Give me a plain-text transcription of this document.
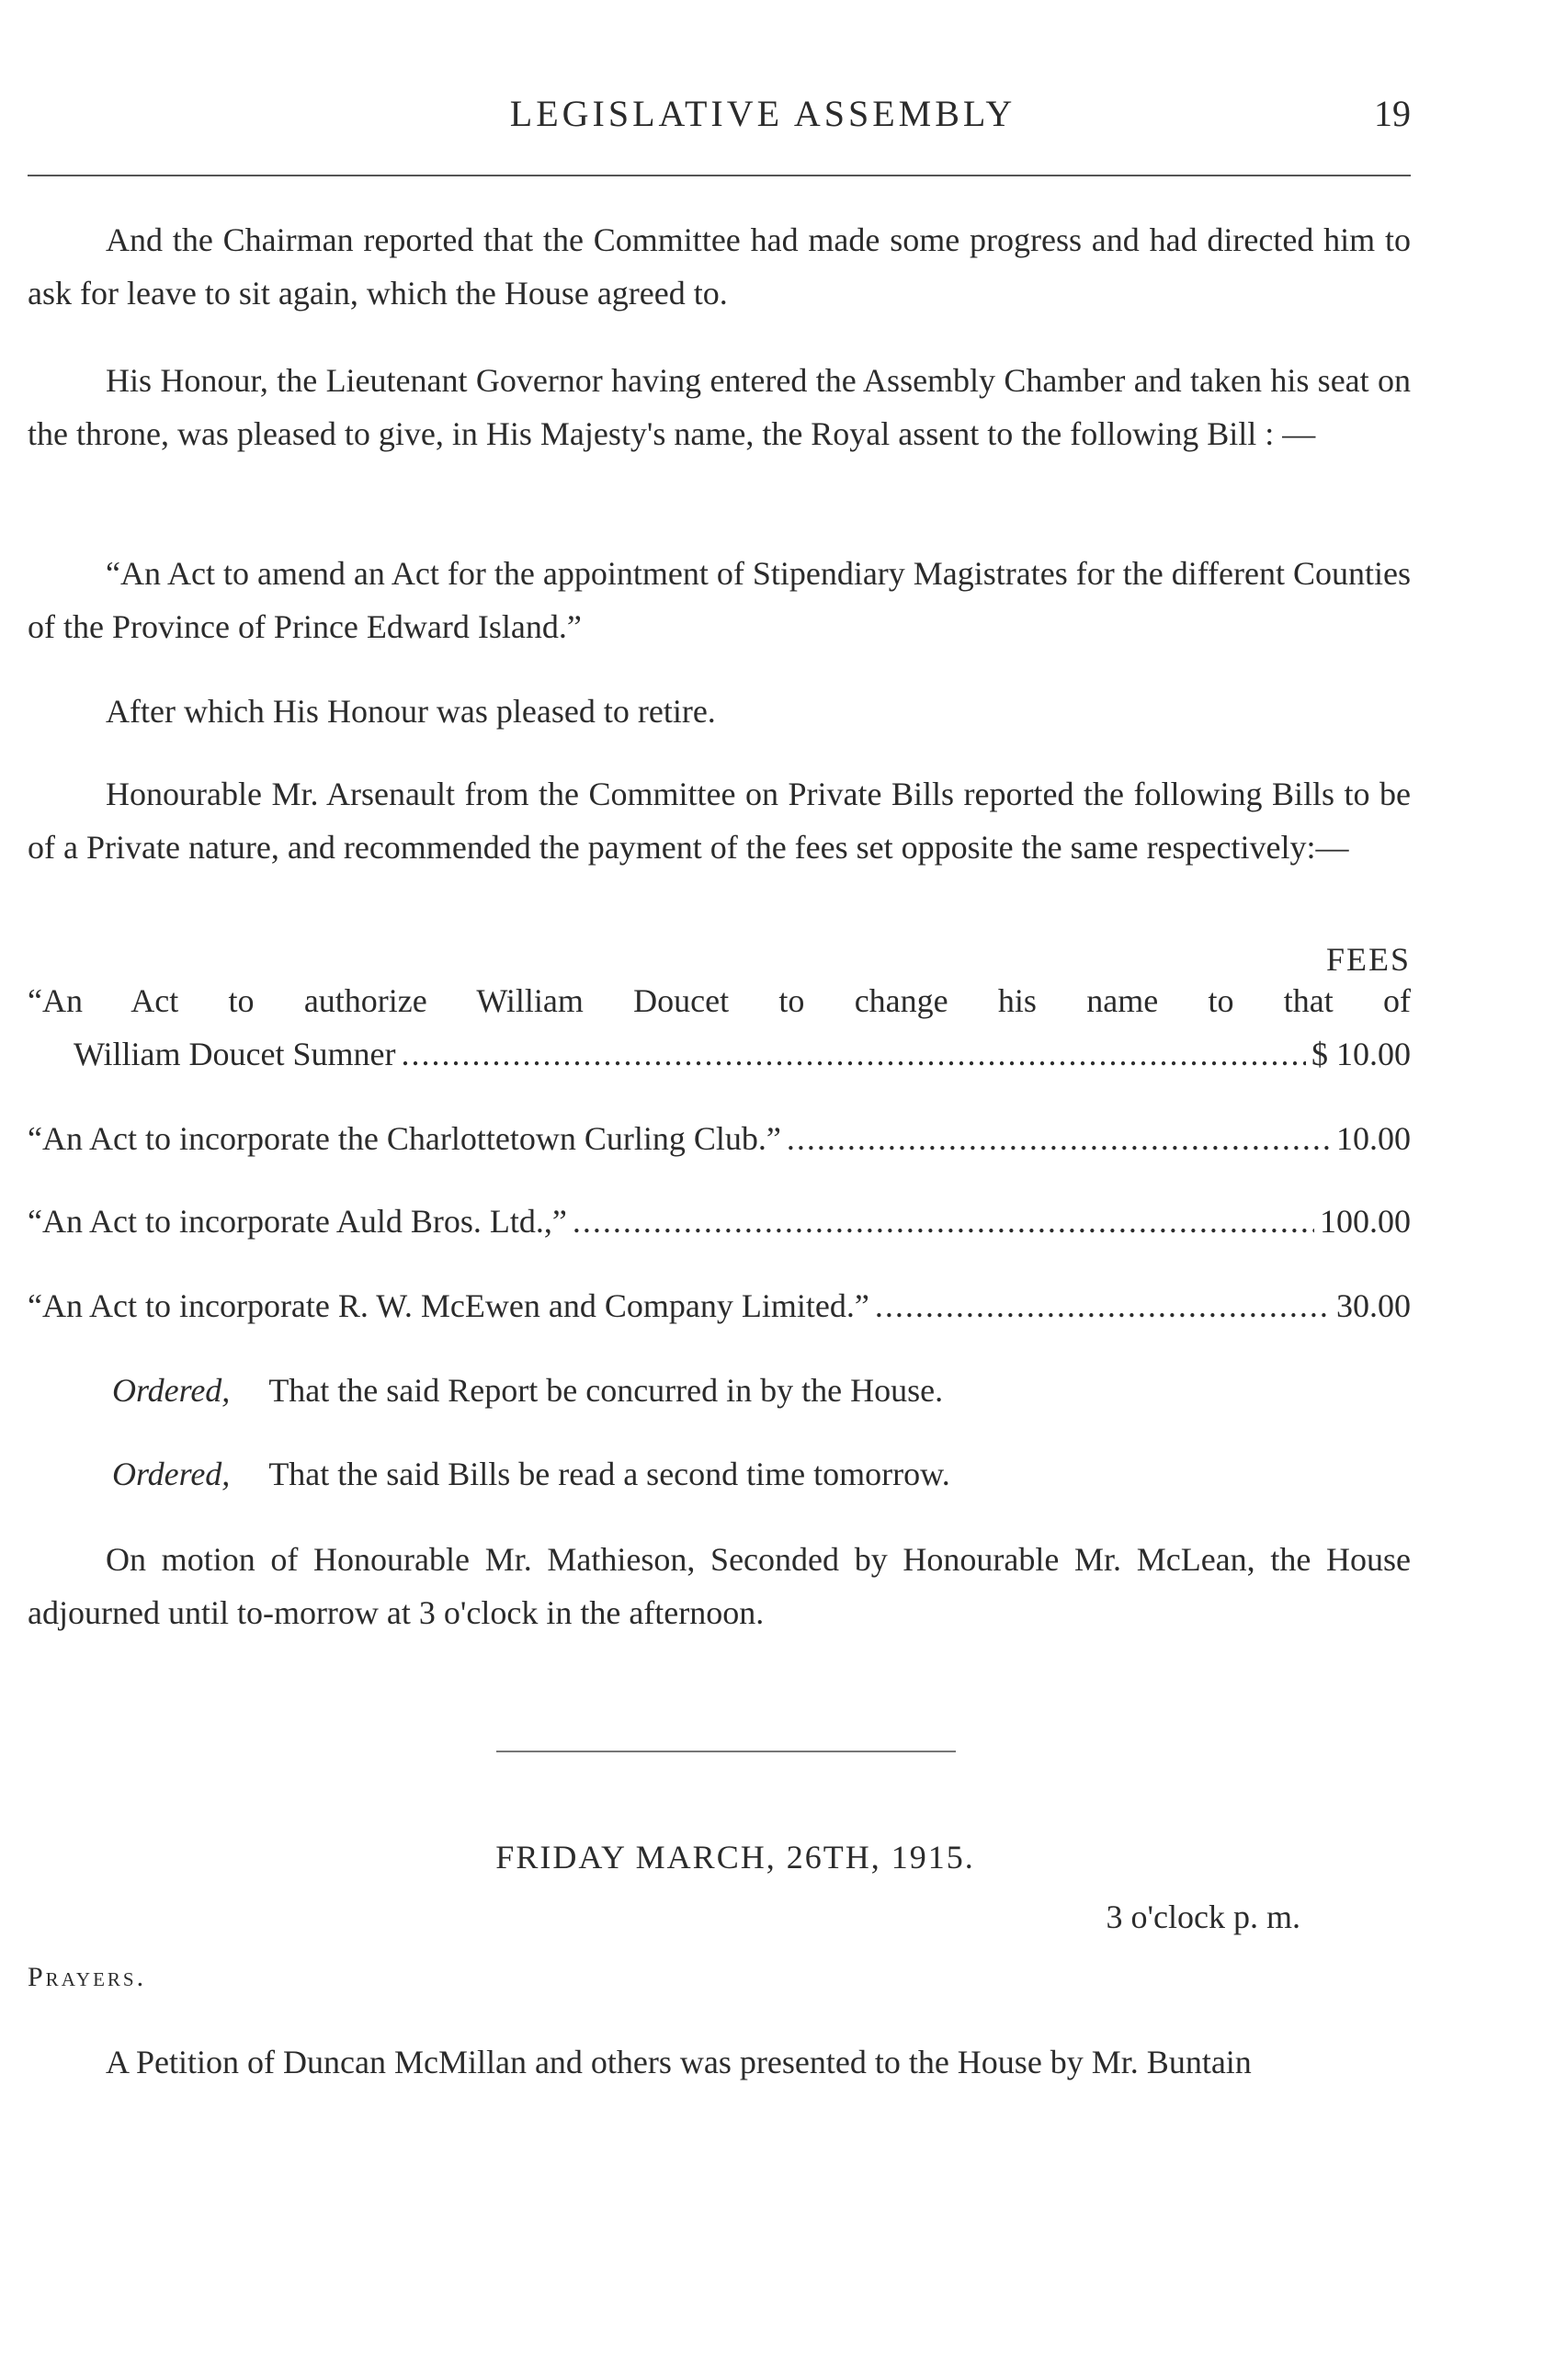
LEGISLATIVE ASSEMBLY	19
And the Chairman reported that the Committee had made some progress and had directed him to ask for leave to sit again, which the House agreed to.
His Honour, the Lieutenant Governor having entered the Assembly Chamber and taken his seat on the throne, was pleased to give, in His Majesty's name, the Royal assent to the following Bill : —
“An Act to amend an Act for the appointment of Stipendiary Magistrates for the different Counties of the Province of Prince Edward Island.”
After which His Honour was pleased to retire.
Honourable Mr. Arsenault from the Committee on Private Bills reported the following Bills to be of a Private nature, and recommended the payment of the fees set opposite the same respectively:—
FEES
“An Act to authorize William Doucet to change his name to that of
William Doucet Sumner .....	$ 10.00
“An Act to incorporate the Charlottetown Curling Club.” .....	10.00
“An Act to incorporate Auld Bros. Ltd.,” .....	100.00
“An Act to incorporate R. W. McEwen and Company Limited.” .....	30.00
Ordered, That the said Report be concurred in by the House.
Ordered, That the said Bills be read a second time tomorrow.
On motion of Honourable Mr. Mathieson, Seconded by Honourable Mr. McLean, the House adjourned until to-morrow at 3 o'clock in the afternoon.
FRIDAY MARCH, 26TH, 1915.
3 o'clock p. m.
Prayers.
A Petition of Duncan McMillan and others was presented to the House by Mr. Buntain
